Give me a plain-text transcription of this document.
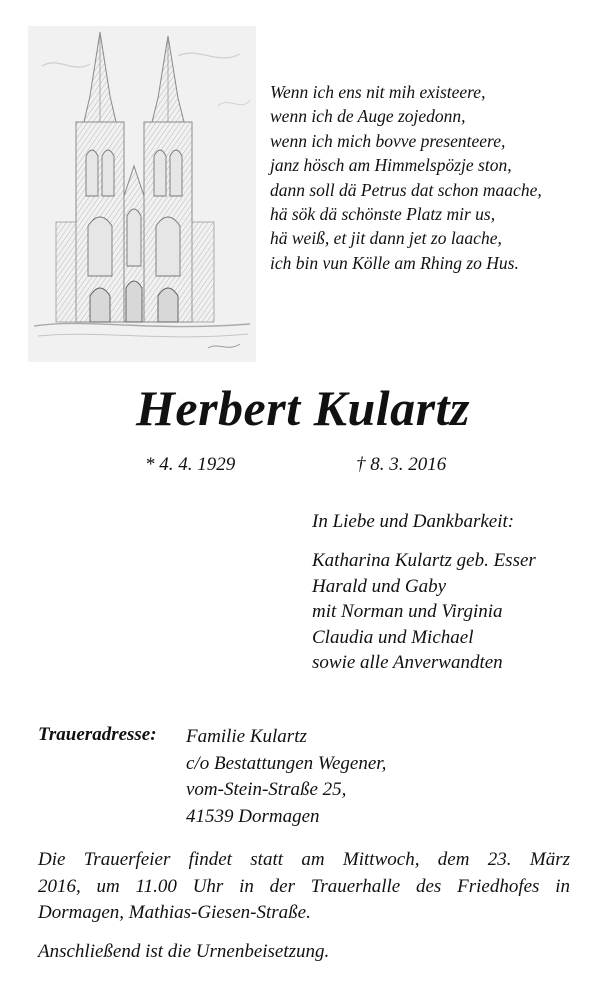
Wenn ich ens nit mih existeere,
wenn ich de Auge zojedonn,
wenn ich mich bovve presenteere,
janz hösch am Himmelspözje ston,
dann soll dä Petrus dat schon maache,
hä sök dä schönste Platz mir us,
hä weiß, et jit dann jet zo laache,
ich bin vun Kölle am Rhing zo Hus.
Herbert Kulartz
* 4. 4. 1929	† 8. 3. 2016
In Liebe und Dankbarkeit:
Katharina Kulartz geb. Esser
Harald und Gaby
mit Norman und Virginia
Claudia und Michael
sowie alle Anverwandten
Traueradresse: Familie Kulartz
c/o Bestattungen Wegener,
vom-Stein-Straße 25,
41539 Dormagen
Die Trauerfeier findet statt am Mittwoch, dem 23. März
2016, um 11.00 Uhr in der Trauerhalle des Friedhofes in
Dormagen, Mathias-Giesen-Straße.
Anschließend ist die Urnenbeisetzung.
